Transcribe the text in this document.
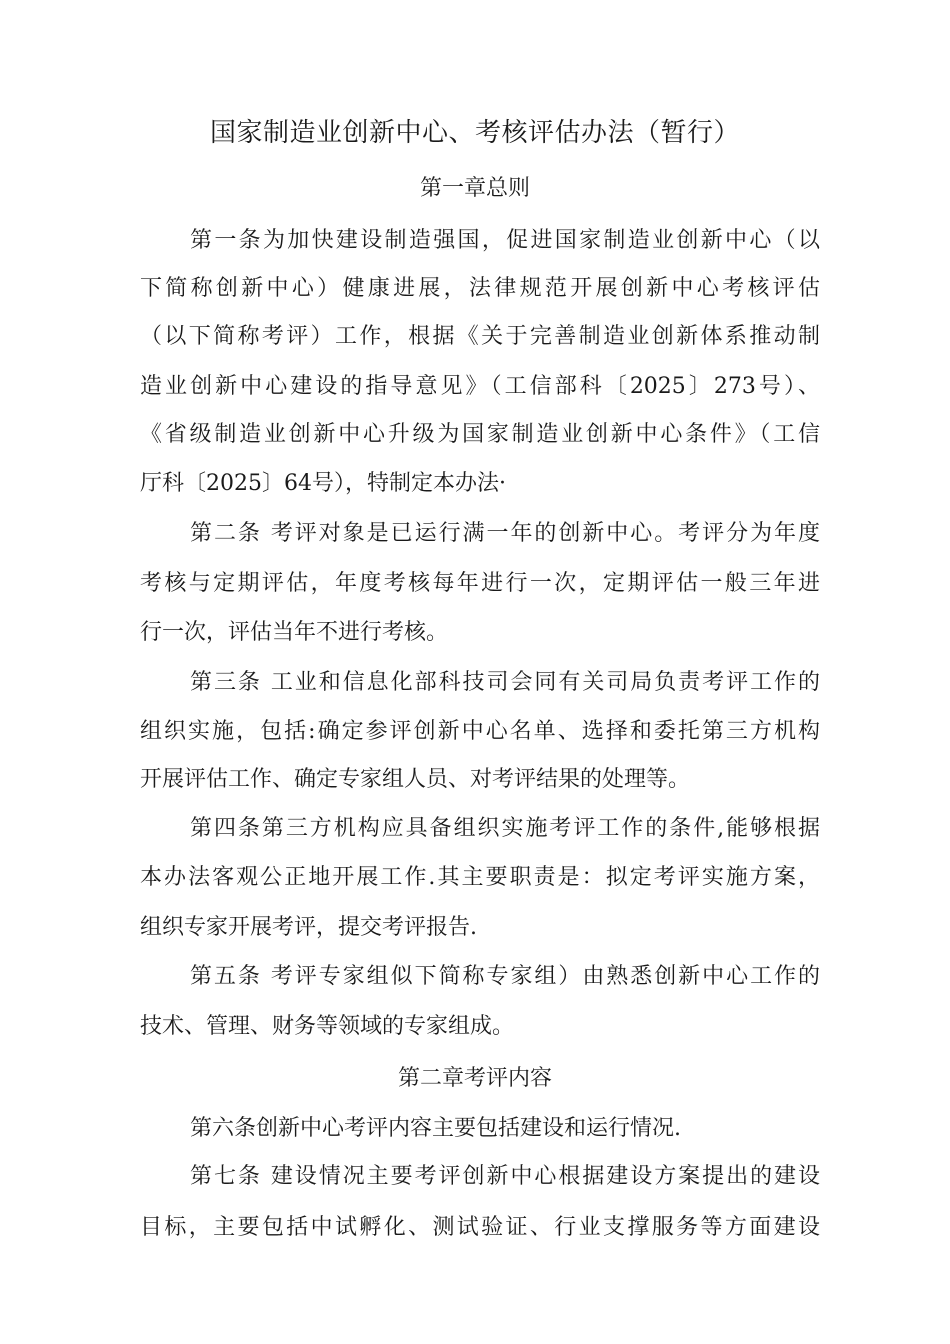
国家制造业创新中心、考核评估办法（暂行）
第一章总则
第一条为加快建设制造强国，促进国家制造业创新中心（以
下简称创新中心）健康进展，法律规范开展创新中心考核评估
（以下简称考评）工作，根据《关于完善制造业创新体系推动制
造业创新中心建设的指导意见》（工信部科〔2025〕273号）、
《省级制造业创新中心升级为国家制造业创新中心条件》（工信
厅科〔2025〕64号），特制定本办法·
第二条 考评对象是已运行满一年的创新中心。考评分为年度
考核与定期评估，年度考核每年进行一次，定期评估一般三年进
行一次，评估当年不进行考核。
第三条 工业和信息化部科技司会同有关司局负责考评工作的
组织实施，包括:确定参评创新中心名单、选择和委托第三方机构
开展评估工作、确定专家组人员、对考评结果的处理等。
第四条第三方机构应具备组织实施考评工作的条件,能够根据
本办法客观公正地开展工作.其主要职责是：拟定考评实施方案，
组织专家开展考评，提交考评报告.
第五条 考评专家组似下简称专家组）由熟悉创新中心工作的
技术、管理、财务等领域的专家组成。
第二章考评内容
第六条创新中心考评内容主要包括建设和运行情况.
第七条 建设情况主要考评创新中心根据建设方案提出的建设
目标，主要包括中试孵化、测试验证、行业支撑服务等方面建设
